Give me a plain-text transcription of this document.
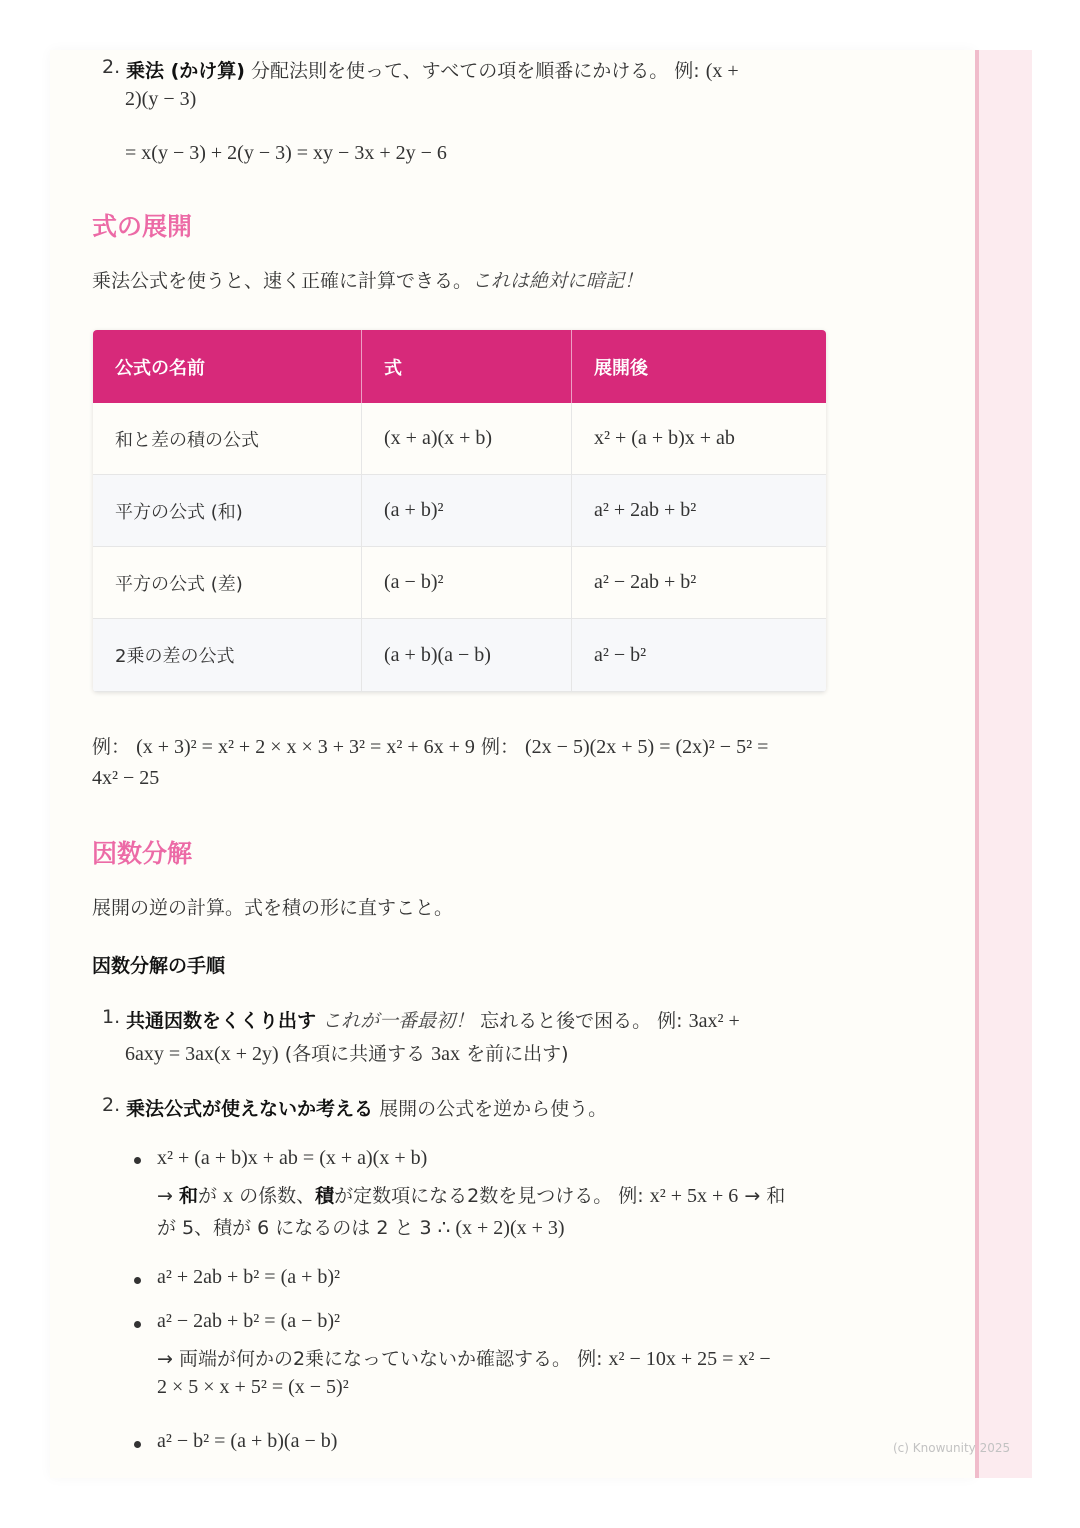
2. 乗法 (かけ算) 分配法則を使って、すべての項を順番にかける。 例: (x +
2)(y − 3)
= x(y − 3) + 2(y − 3) = xy − 3x + 2y − 6
式の展開
乗法公式を使うと、速く正確に計算できる。これは絶対に暗記！
公式の名前	式	展開後
和と差の積の公式	(x + a)(x + b)	x² + (a + b)x + ab
平方の公式 (和)	(a + b)²	a² + 2ab + b²
平方の公式 (差)	(a − b)²	a² − 2ab + b²
2乗の差の公式	(a + b)(a − b)	a² − b²
例： (x + 3)² = x² + 2 × x × 3 + 3² = x² + 6x + 9 例： (2x − 5)(2x + 5) = (2x)² − 5² =
4x² − 25
因数分解
展開の逆の計算。式を積の形に直すこと。
因数分解の手順
1. 共通因数をくくり出す これが一番最初！ 忘れると後で困る。 例: 3ax² +
6axy = 3ax(x + 2y) (各項に共通する 3ax を前に出す)
2. 乗法公式が使えないか考える 展開の公式を逆から使う。
x² + (a + b)x + ab = (x + a)(x + b)
→ 和が x の係数、積が定数項になる2数を見つける。 例: x² + 5x + 6 → 和
が 5、積が 6 になるのは 2 と 3 ∴ (x + 2)(x + 3)
a² + 2ab + b² = (a + b)²
a² − 2ab + b² = (a − b)²
→ 両端が何かの2乗になっていないか確認する。 例: x² − 10x + 25 = x² −
2 × 5 × x + 5² = (x − 5)²
a² − b² = (a + b)(a − b)	(c) Knowunity 2025
